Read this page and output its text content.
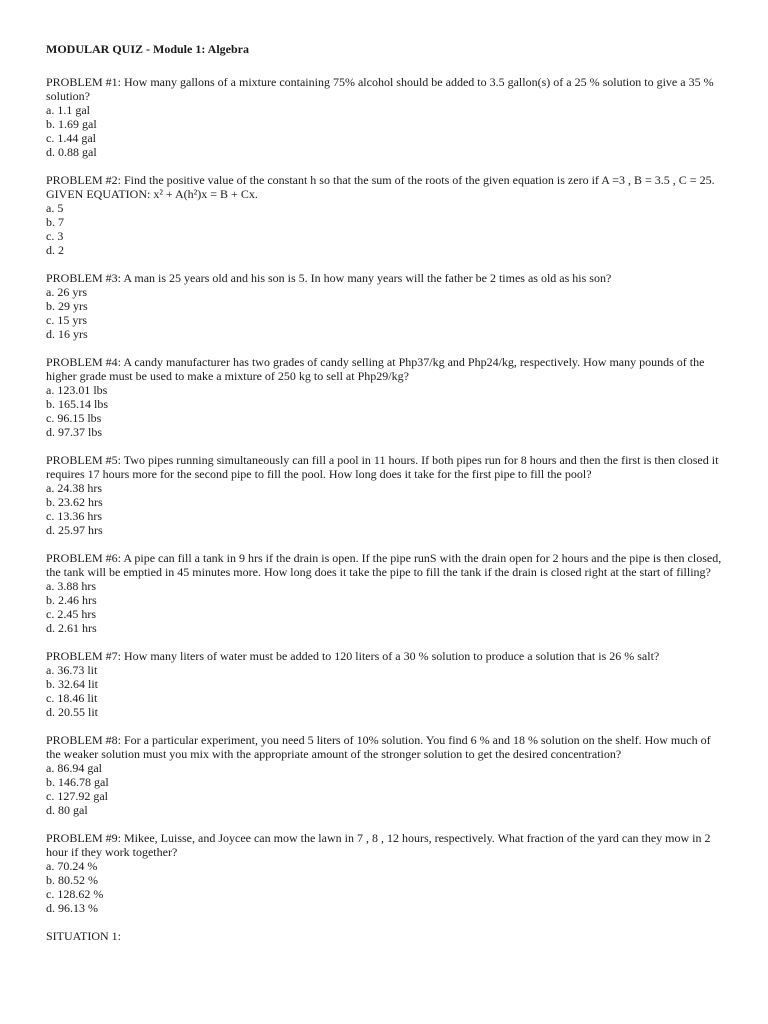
MODULAR QUIZ - Module 1: Algebra

PROBLEM #1: How many gallons of a mixture containing 75% alcohol should be added to 3.5 gallon(s) of a 25 % solution to give a 35 % solution?

a. 1.1 gal
b. 1.69 gal
c. 1.44 gal
d. 0.88 gal

PROBLEM #2: Find the positive value of the constant h so that the sum of the roots of the given equation is zero if A =3 , B = 3.5 , C = 25. GIVEN EQUATION: x² + A(h²)x = B + Cx.

a. 5
b. 7
c. 3
d. 2

PROBLEM #3: A man is 25 years old and his son is 5. In how many years will the father be 2 times as old as his son?

a. 26 yrs
b. 29 yrs
c. 15 yrs
d. 16 yrs

PROBLEM #4: A candy manufacturer has two grades of candy selling at Php37/kg and Php24/kg, respectively. How many pounds of the higher grade must be used to make a mixture of 250 kg to sell at Php29/kg?

a. 123.01 lbs
b. 165.14 lbs
c. 96.15 lbs
d. 97.37 lbs

PROBLEM #5: Two pipes running simultaneously can fill a pool in 11 hours. If both pipes run for 8 hours and then the first is then closed it requires 17 hours more for the second pipe to fill the pool. How long does it take for the first pipe to fill the pool?

a. 24.38 hrs
b. 23.62 hrs
c. 13.36 hrs
d. 25.97 hrs

PROBLEM #6: A pipe can fill a tank in 9 hrs if the drain is open. If the pipe runS with the drain open for 2 hours and the pipe is then closed, the tank will be emptied in 45 minutes more. How long does it take the pipe to fill the tank if the drain is closed right at the start of filling?

a. 3.88 hrs
b. 2.46 hrs
c. 2.45 hrs
d. 2.61 hrs

PROBLEM #7: How many liters of water must be added to 120 liters of a 30 % solution to produce a solution that is 26 % salt?

a. 36.73 lit
b. 32.64 lit
c. 18.46 lit
d. 20.55 lit

PROBLEM #8: For a particular experiment, you need 5 liters of 10% solution. You find 6 % and 18 % solution on the shelf. How much of the weaker solution must you mix with the appropriate amount of the stronger solution to get the desired concentration?

a. 86.94 gal
b. 146.78 gal
c. 127.92 gal
d. 80 gal

PROBLEM #9: Mikee, Luisse, and Joycee can mow the lawn in 7 , 8 , 12 hours, respectively. What fraction of the yard can they mow in 2 hour if they work together?

a. 70.24 %
b. 80.52 %
c. 128.62 %
d. 96.13 %

SITUATION 1:
